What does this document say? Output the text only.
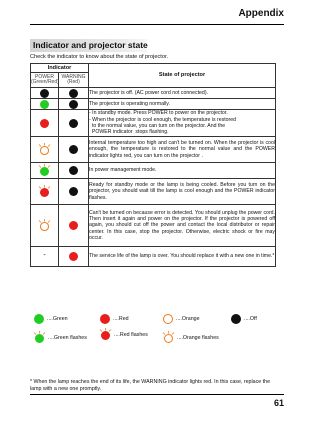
Appendix
Indicator and projector state
Check the indicator to know about the state of projector.
Indicator		State of projector
POWER
(Green/Red)	WARNING
(Red)	
		The projector is off. (AC power cord not connected).
		The projector is operating normally.
		- In standby mode. Press POWER to power on the projector.
- When the projector is cool enough, the temperature is restored
to the normal value, you can turn on the projector. And the
POWER indicator  stops flashing.

		Internal temperature too high and can't be turned on. When the projector is cool enough, the temperature is restored to the normal value and the POWER indicator lights red, you can turn on the projector .

		In power management mode.

		Ready for standby mode or the lamp is being cooled. Before you turn on the projector, you should wait till the lamp is cool enough and the POWER indicator flashes.

		Can't be turned on because error is detected. You should unplug the power cord. Then insert it again and power on the projector. If the projector is powered off again, you should cut off the power and contact the local distributor or repair center. In this case, stop the projector. Otherwise, electric shock or fire may occur.
-		The service life of the lamp is over. You should replace it with a new one in time.*
....Green	....Red	....Orange	....Off
....Green flashes	....Red flashes	....Orange flashes
* When the lamp reaches the end of its life, the WARNING indicator lights red. In this case, replace the lamp with a new one promptly.
61
